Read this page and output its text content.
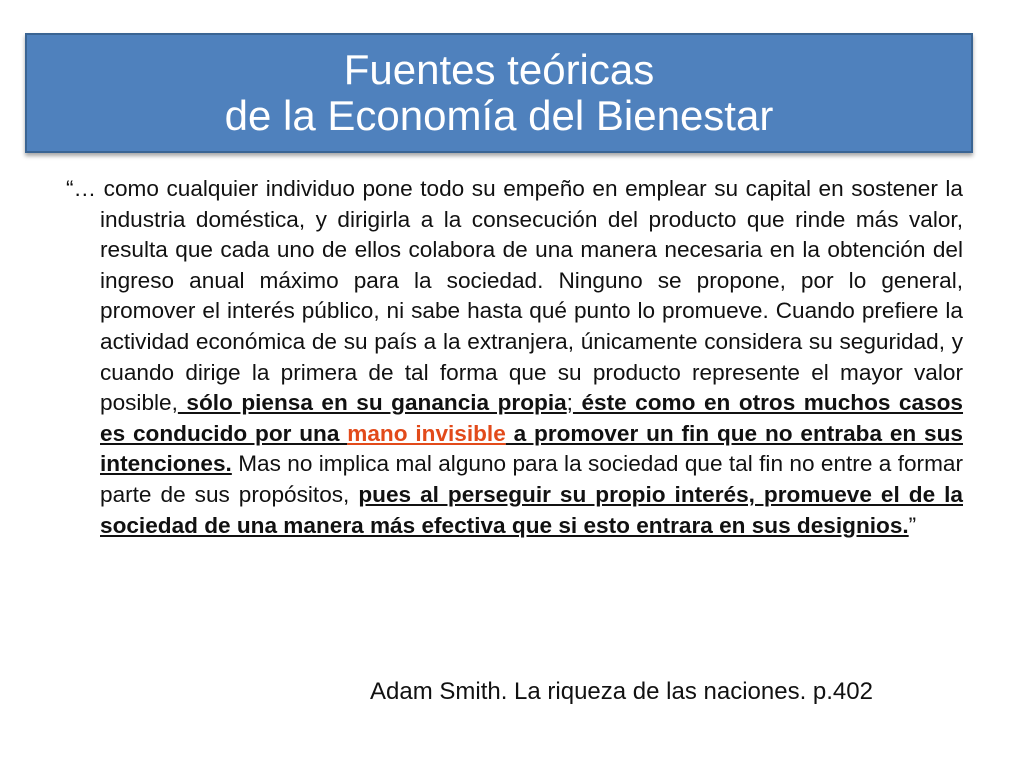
Fuentes teóricas
de la Economía del Bienestar

“… como cualquier individuo pone todo su empeño en emplear su capital en sostener la industria doméstica, y dirigirla a la consecución del producto que rinde más valor, resulta que cada uno de ellos colabora de una manera necesaria en la obtención del ingreso anual máximo para la sociedad. Ninguno se propone, por lo general, promover el interés público, ni sabe hasta qué punto lo promueve. Cuando prefiere la actividad económica de su país a la extranjera, únicamente considera su seguridad, y cuando dirige la primera de tal forma que su producto represente el mayor valor posible, sólo piensa en su ganancia propia; éste como en otros muchos casos es conducido por una mano invisible a promover un fin que no entraba en sus intenciones. Mas no implica mal alguno para la sociedad que tal fin no entre a formar parte de sus propósitos, pues al perseguir su propio interés, promueve el de la sociedad de una manera más efectiva que si esto entrara en sus designios.”

Adam Smith. La riqueza de las naciones. p.402
